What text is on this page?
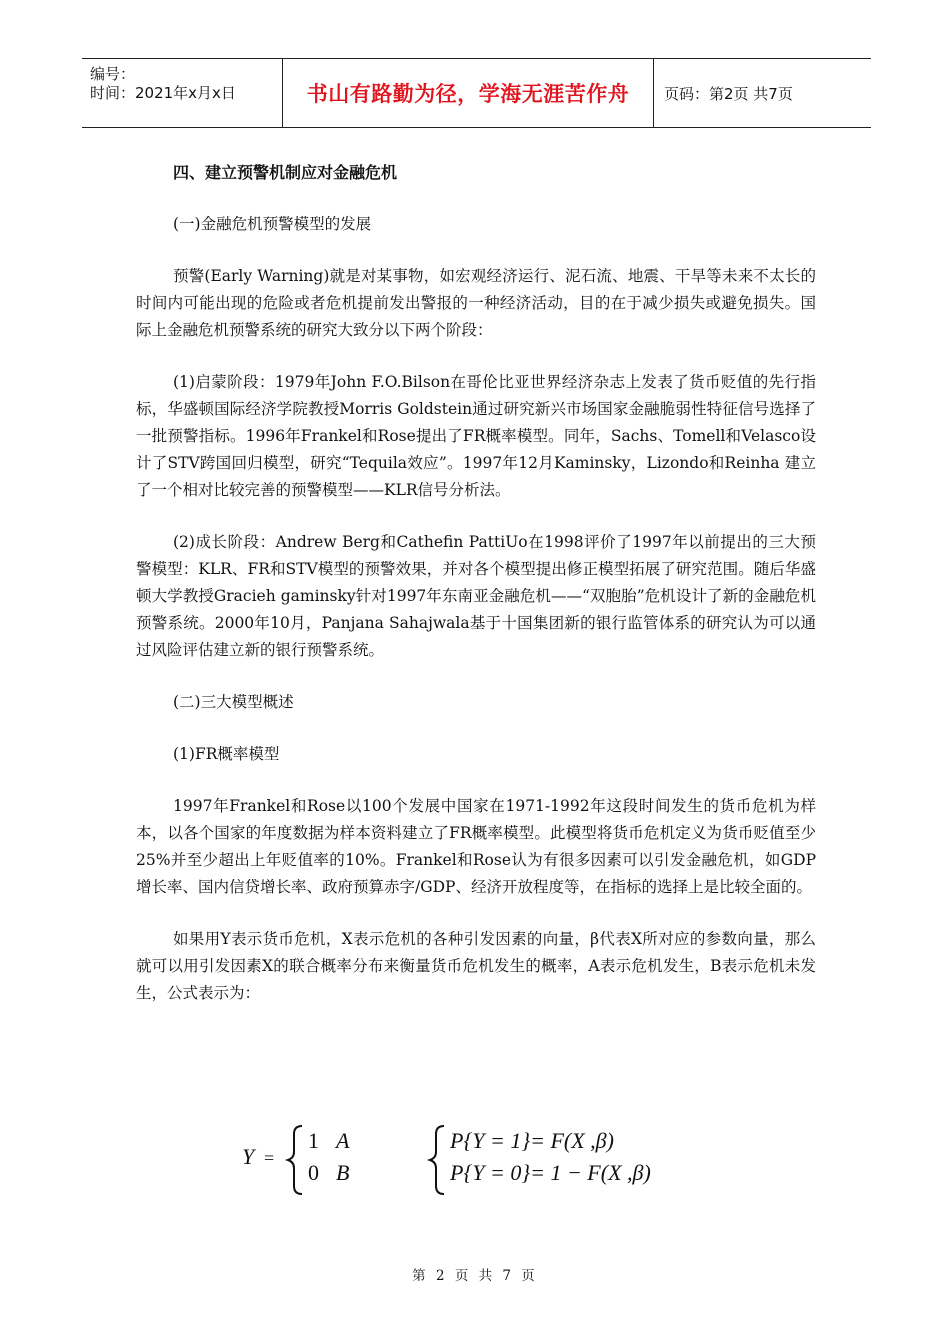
编号：
时间：2021年x月x日	书山有路勤为径，学海无涯苦作舟	页码：第2页 共7页

四、建立预警机制应对金融危机

(一)金融危机预警模型的发展

预警(Early Warning)就是对某事物，如宏观经济运行、泥石流、地震、干旱等未来不太长的时间内可能出现的危险或者危机提前发出警报的一种经济活动，目的在于减少损失或避免损失。国际上金融危机预警系统的研究大致分以下两个阶段：

(1)启蒙阶段：1979年John F.O.Bilson在哥伦比亚世界经济杂志上发表了货币贬值的先行指标，华盛顿国际经济学院教授Morris Goldstein通过研究新兴市场国家金融脆弱性特征信号选择了一批预警指标。1996年Frankel和Rose提出了FR概率模型。同年，Sachs、Tomell和Velasco设计了STV跨国回归模型，研究“Tequila效应”。1997年12月Kaminsky，Lizondo和Reinha 建立了一个相对比较完善的预警模型——KLR信号分析法。

(2)成长阶段：Andrew Berg和Cathefin PattiUo在1998评价了1997年以前提出的三大预警模型：KLR、FR和STV模型的预警效果，并对各个模型提出修正模型拓展了研究范围。随后华盛顿大学教授Gracieh gaminsky针对1997年东南亚金融危机——“双胞胎”危机设计了新的金融危机预警系统。2000年10月，Panjana Sahajwala基于十国集团新的银行监管体系的研究认为可以通过风险评估建立新的银行预警系统。

(二)三大模型概述

(1)FR概率模型

1997年Frankel和Rose以100个发展中国家在1971-1992年这段时间发生的货币危机为样本，以各个国家的年度数据为样本资料建立了FR概率模型。此模型将货币危机定义为货币贬值至少25%并至少超出上年贬值率的10%。Frankel和Rose认为有很多因素可以引发金融危机，如GDP增长率、国内信贷增长率、政府预算赤字/GDP、经济开放程度等，在指标的选择上是比较全面的。

如果用Y表示货币危机，X表示危机的各种引发因素的向量，β代表X所对应的参数向量，那么就可以用引发因素X的联合概率分布来衡量货币危机发生的概率，A表示危机发生，B表示危机未发生，公式表示为：

Y =
1 A
0 B
P{Y = 1}= F(X ,β)
P{Y = 0}= 1 − F(X ,β)
第 2 页 共 7 页
